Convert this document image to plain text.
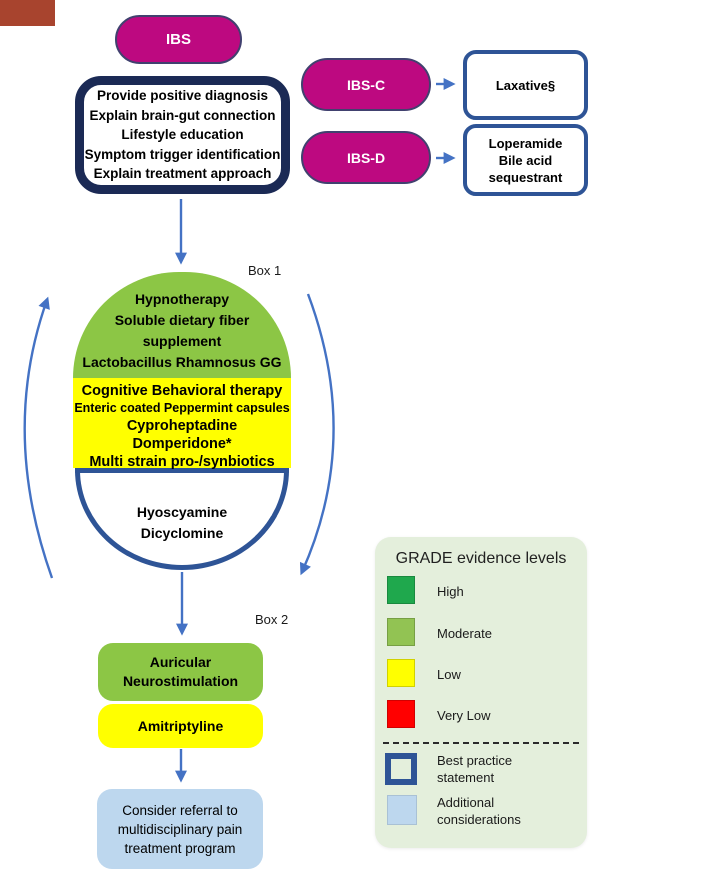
IBS
Provide positive diagnosis
Explain brain-gut connection
Lifestyle education
Symptom trigger identification
Explain treatment approach
IBS-C
IBS-D
Laxative§
Loperamide
Bile acid
sequestrant
Box 1
Box 2
Hypnotherapy
Soluble dietary fiber
supplement
Lactobacillus Rhamnosus GG
Cognitive Behavioral therapy
Enteric coated Peppermint capsules
Cyproheptadine
Domperidone*
Multi strain pro-/synbiotics
Hyoscyamine
Dicyclomine
Auricular Neurostimulation
Amitriptyline
Consider referral to multidisciplinary pain treatment program
GRADE evidence levels
High
Moderate
Low
Very Low
Best practice statement
Additional considerations
